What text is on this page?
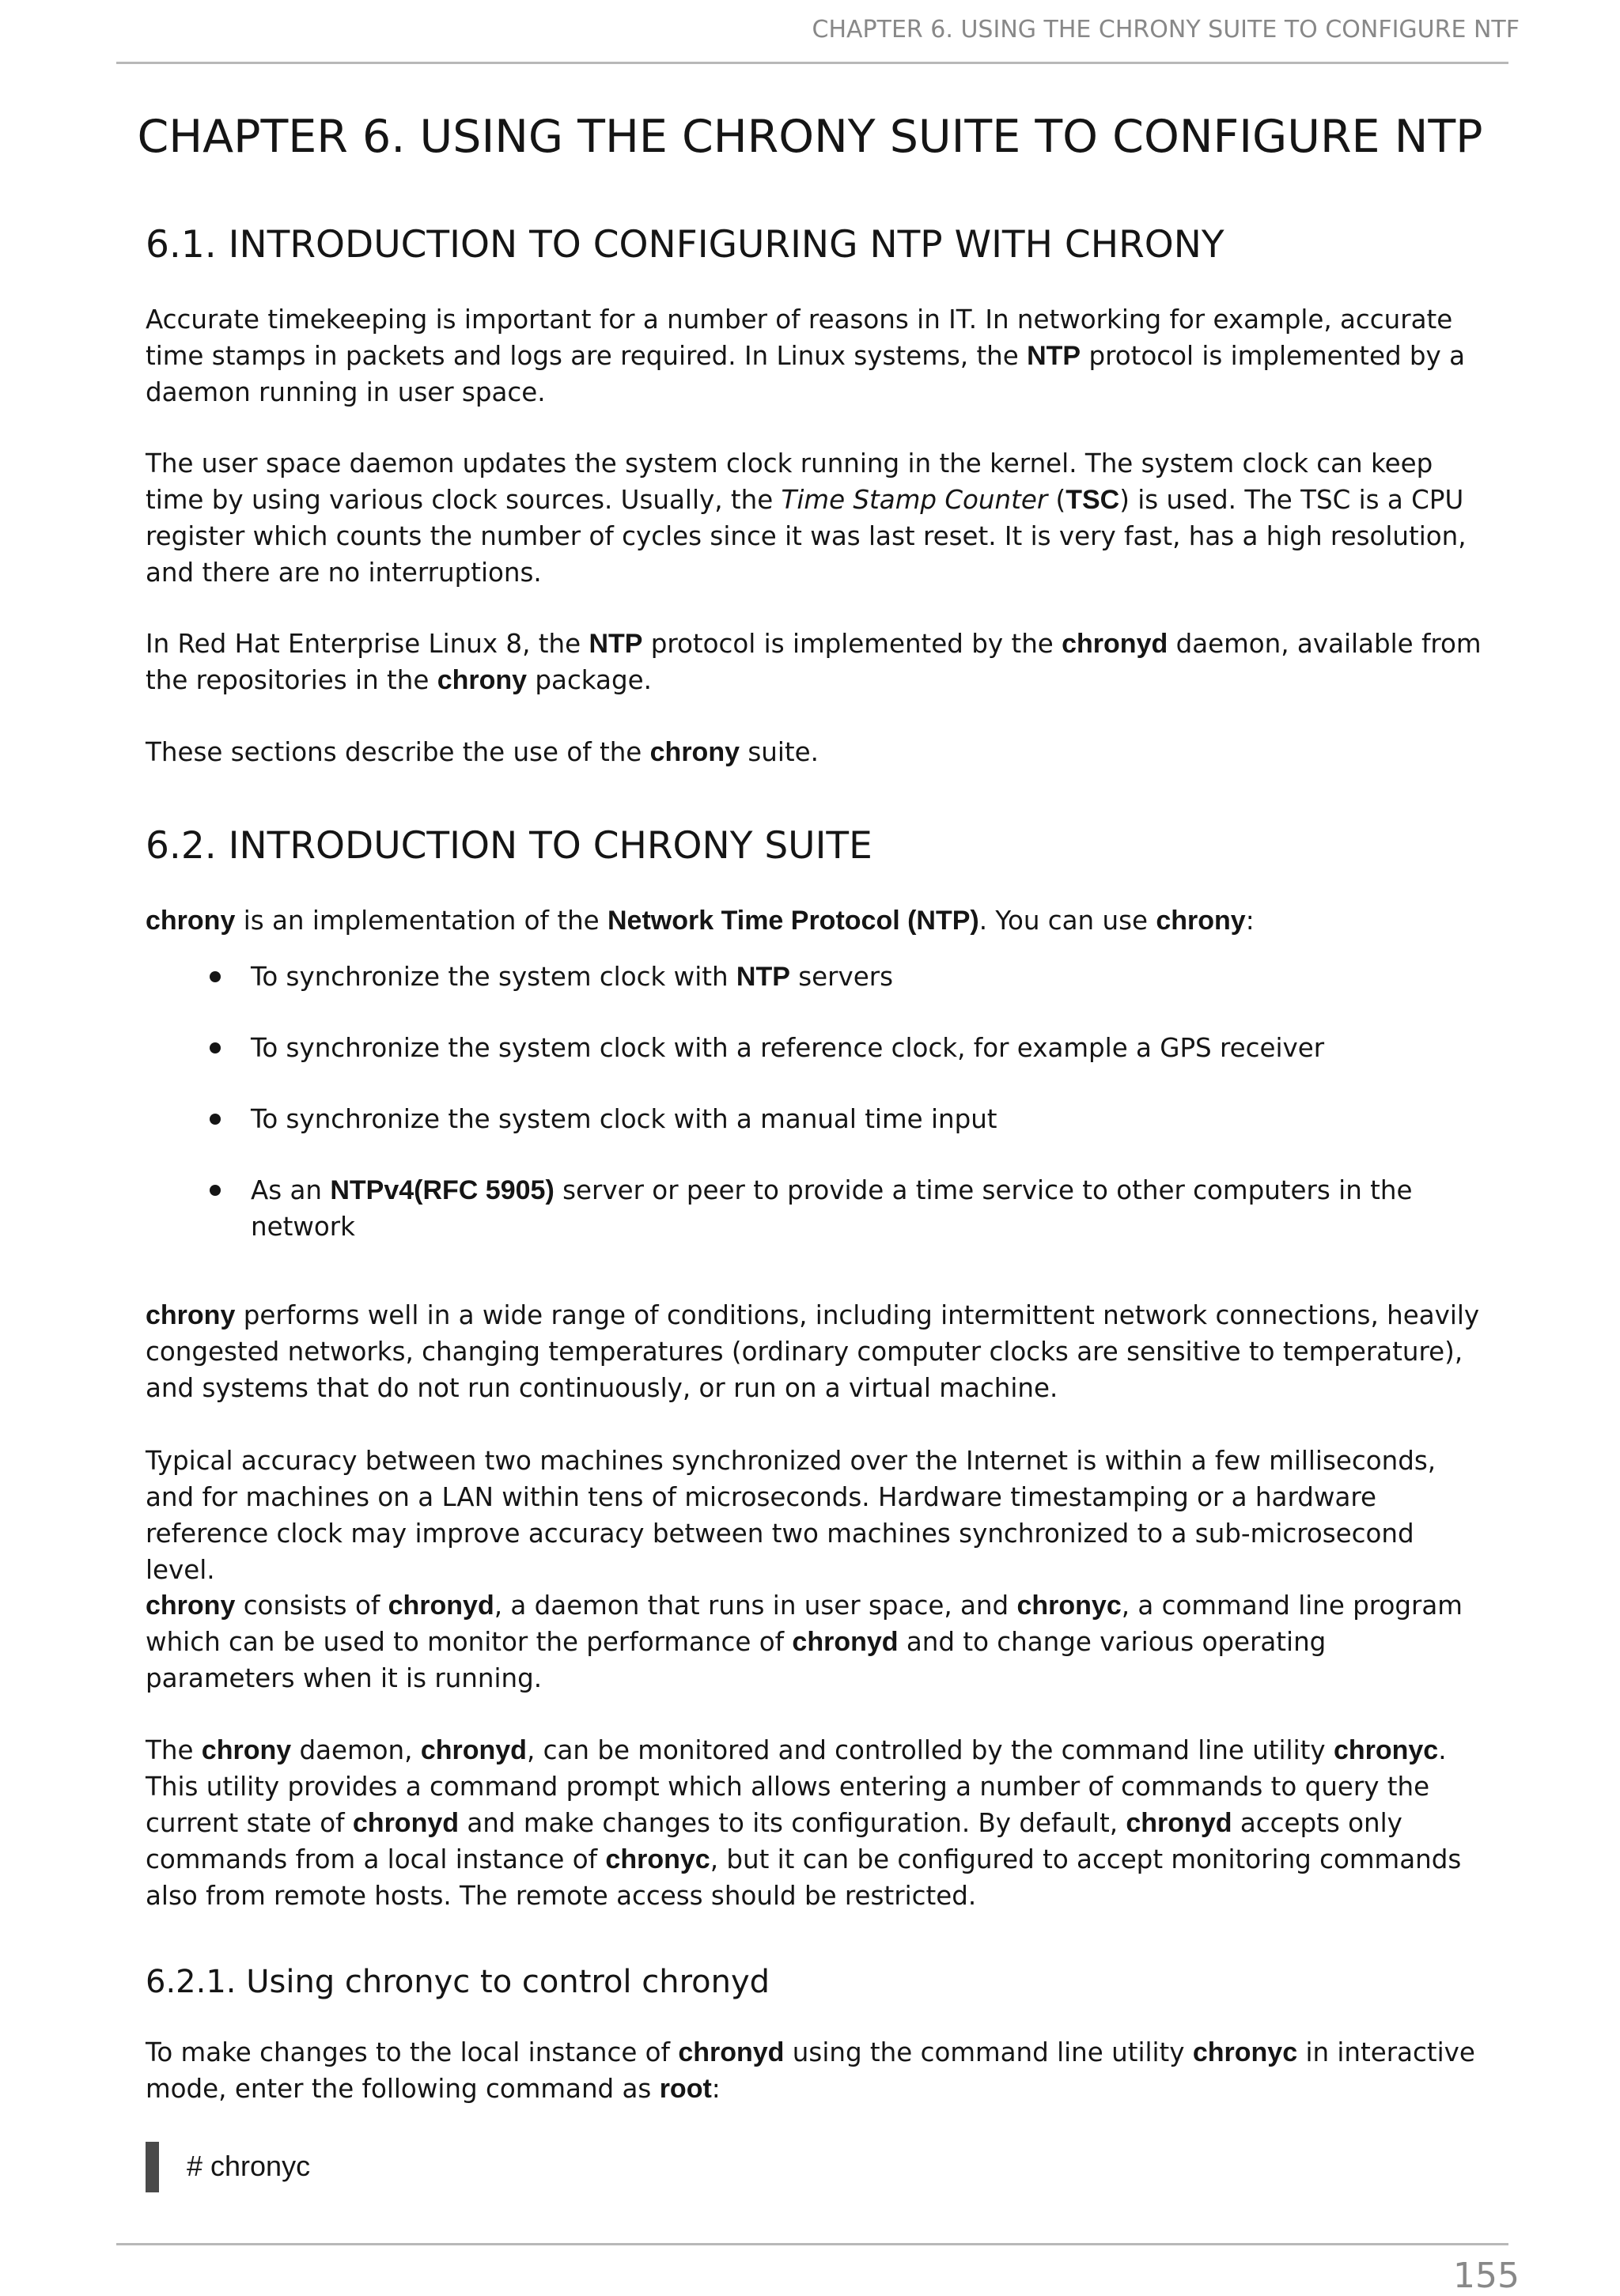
CHAPTER 6. USING THE CHRONY SUITE TO CONFIGURE NTF
CHAPTER 6. USING THE CHRONY SUITE TO CONFIGURE NTP
6.1. INTRODUCTION TO CONFIGURING NTP WITH CHRONY

Accurate timekeeping is important for a number of reasons in IT. In networking for example, accurate time stamps in packets and logs are required. In Linux systems, the NTP protocol is implemented by a daemon running in user space.

The user space daemon updates the system clock running in the kernel. The system clock can keep time by using various clock sources. Usually, the Time Stamp Counter (TSC) is used. The TSC is a CPU register which counts the number of cycles since it was last reset. It is very fast, has a high resolution, and there are no interruptions.

In Red Hat Enterprise Linux 8, the NTP protocol is implemented by the chronyd daemon, available from the repositories in the chrony package.

These sections describe the use of the chrony suite.

6.2. INTRODUCTION TO CHRONY SUITE

chrony is an implementation of the Network Time Protocol (NTP). You can use chrony:

To synchronize the system clock with NTP servers
To synchronize the system clock with a reference clock, for example a GPS receiver
To synchronize the system clock with a manual time input
As an NTPv4(RFC 5905) server or peer to provide a time service to other computers in the network

chrony performs well in a wide range of conditions, including intermittent network connections, heavily congested networks, changing temperatures (ordinary computer clocks are sensitive to temperature), and systems that do not run continuously, or run on a virtual machine.

Typical accuracy between two machines synchronized over the Internet is within a few milliseconds, and for machines on a LAN within tens of microseconds. Hardware timestamping or a hardware reference clock may improve accuracy between two machines synchronized to a sub-microsecond level.

chrony consists of chronyd, a daemon that runs in user space, and chronyc, a command line program which can be used to monitor the performance of chronyd and to change various operating parameters when it is running.

The chrony daemon, chronyd, can be monitored and controlled by the command line utility chronyc. This utility provides a command prompt which allows entering a number of commands to query the current state of chronyd and make changes to its configuration. By default, chronyd accepts only commands from a local instance of chronyc, but it can be configured to accept monitoring commands also from remote hosts. The remote access should be restricted.

6.2.1. Using chronyc to control chronyd

To make changes to the local instance of chronyd using the command line utility chronyc in interactive mode, enter the following command as root:

# chronyc
155
